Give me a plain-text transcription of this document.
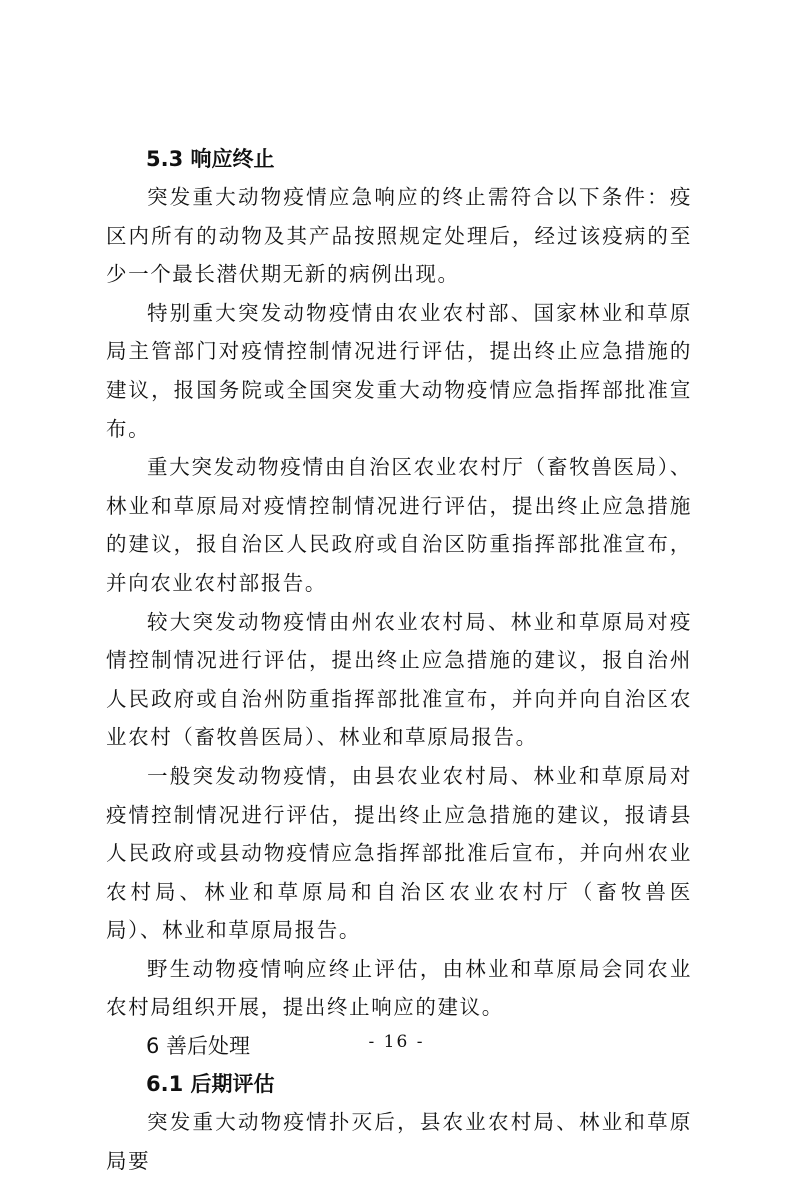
5.3 响应终止

突发重大动物疫情应急响应的终止需符合以下条件：疫区内所有的动物及其产品按照规定处理后，经过该疫病的至少一个最长潜伏期无新的病例出现。

特别重大突发动物疫情由农业农村部、国家林业和草原局主管部门对疫情控制情况进行评估，提出终止应急措施的建议，报国务院或全国突发重大动物疫情应急指挥部批准宣布。

重大突发动物疫情由自治区农业农村厅（畜牧兽医局）、林业和草原局对疫情控制情况进行评估，提出终止应急措施的建议，报自治区人民政府或自治区防重指挥部批准宣布，并向农业农村部报告。

较大突发动物疫情由州农业农村局、林业和草原局对疫情控制情况进行评估，提出终止应急措施的建议，报自治州人民政府或自治州防重指挥部批准宣布，并向并向自治区农业农村（畜牧兽医局）、林业和草原局报告。

一般突发动物疫情，由县农业农村局、林业和草原局对疫情控制情况进行评估，提出终止应急措施的建议，报请县人民政府或县动物疫情应急指挥部批准后宣布，并向州农业农村局、林业和草原局和自治区农业农村厅（畜牧兽医局）、林业和草原局报告。

野生动物疫情响应终止评估，由林业和草原局会同农业农村局组织开展，提出终止响应的建议。

6 善后处理
6.1 后期评估

突发重大动物疫情扑灭后，县农业农村局、林业和草原局要

- 16 -
